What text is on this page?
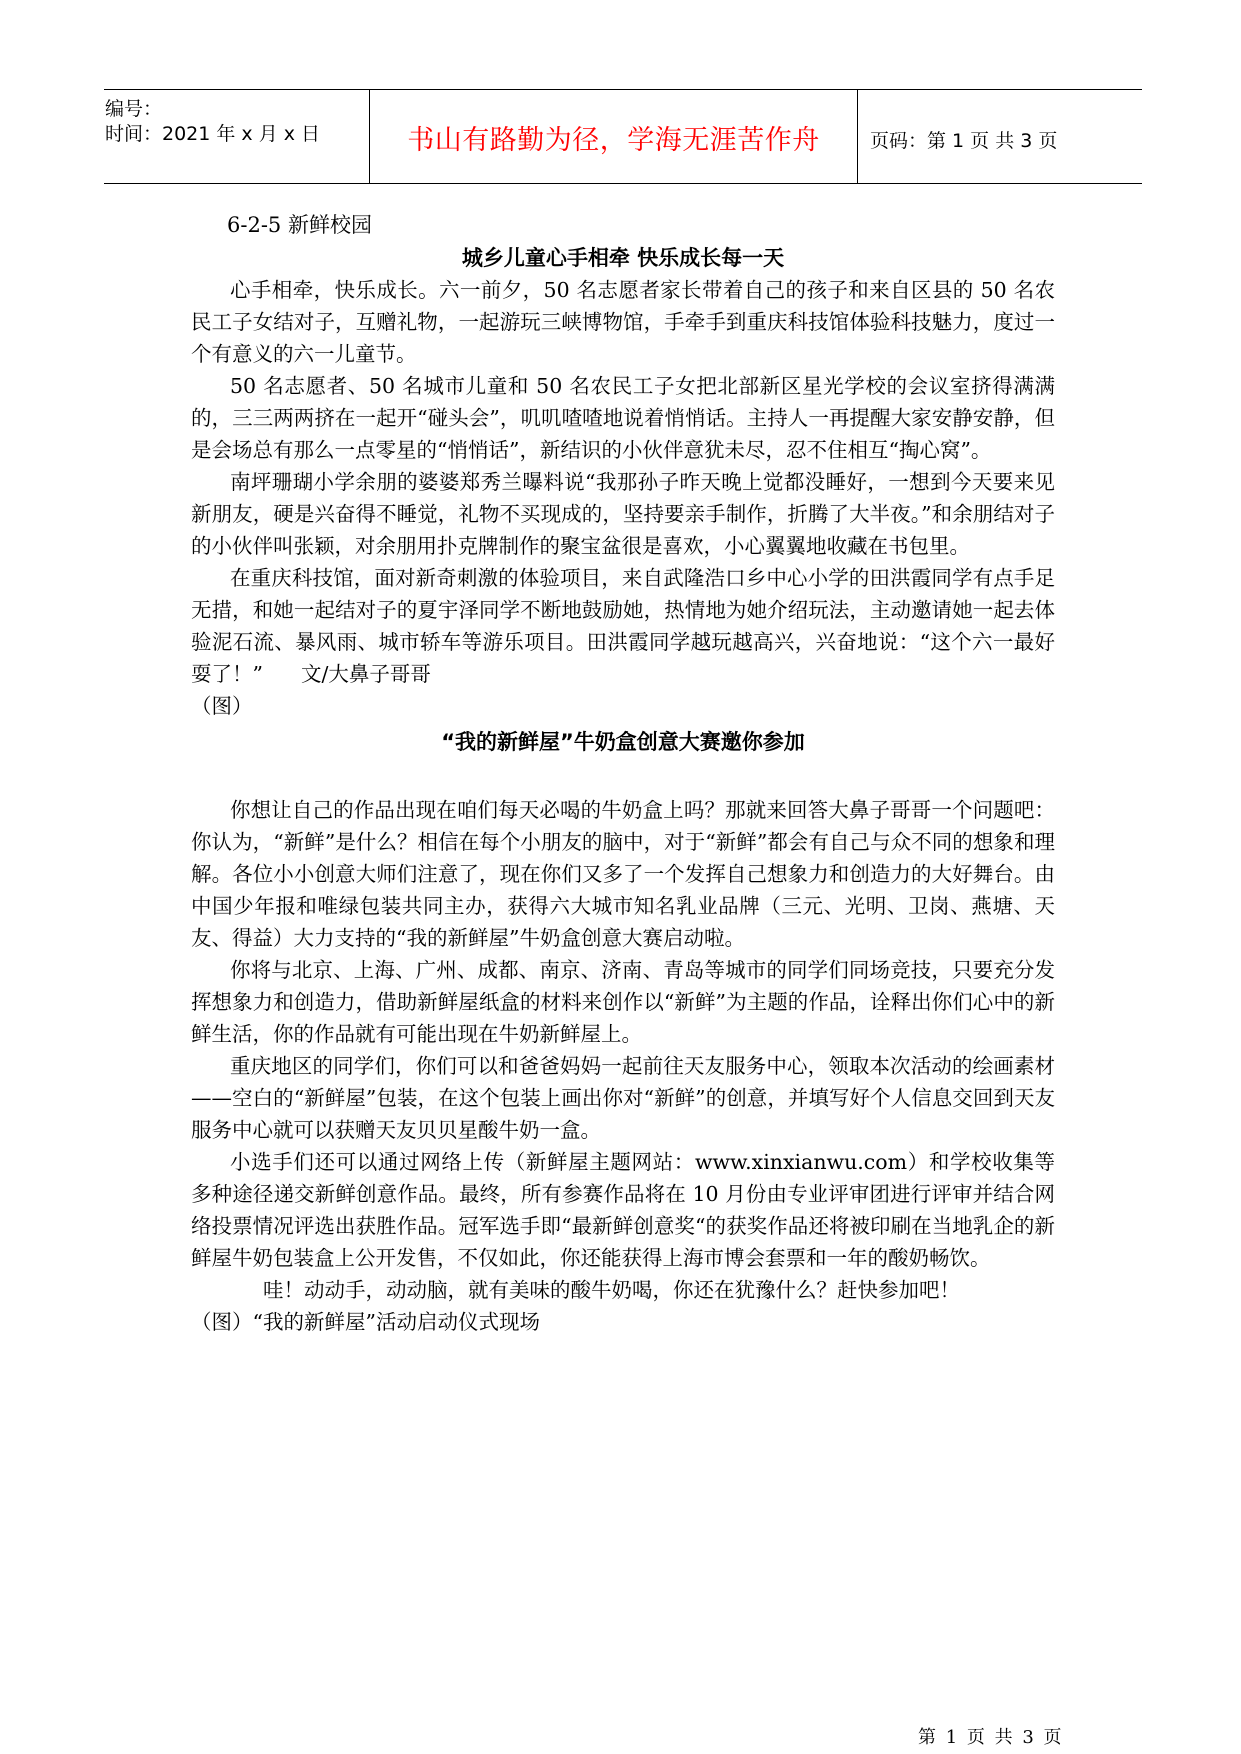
编号：
时间：2021 年 x 月 x 日	书山有路勤为径，学海无涯苦作舟	页码：第 1 页 共 3 页
6-2-5 新鲜校园
城乡儿童心手相牵 快乐成长每一天

心手相牵，快乐成长。六一前夕，50 名志愿者家长带着自己的孩子和来自区县的 50 名农民工子女结对子，互赠礼物，一起游玩三峡博物馆，手牵手到重庆科技馆体验科技魅力，度过一个有意义的六一儿童节。

50 名志愿者、50 名城市儿童和 50 名农民工子女把北部新区星光学校的会议室挤得满满的，三三两两挤在一起开“碰头会”，叽叽喳喳地说着悄悄话。主持人一再提醒大家安静安静，但是会场总有那么一点零星的“悄悄话”，新结识的小伙伴意犹未尽，忍不住相互“掏心窝”。

南坪珊瑚小学余朋的婆婆郑秀兰曝料说“我那孙子昨天晚上觉都没睡好，一想到今天要来见新朋友，硬是兴奋得不睡觉，礼物不买现成的，坚持要亲手制作，折腾了大半夜。”和余朋结对子的小伙伴叫张颖，对余朋用扑克牌制作的聚宝盆很是喜欢，小心翼翼地收藏在书包里。

在重庆科技馆，面对新奇刺激的体验项目，来自武隆浩口乡中心小学的田洪霞同学有点手足无措，和她一起结对子的夏宇泽同学不断地鼓励她，热情地为她介绍玩法，主动邀请她一起去体验泥石流、暴风雨、城市轿车等游乐项目。田洪霞同学越玩越高兴，兴奋地说：“这个六一最好耍了！” 文/大鼻子哥哥

（图）

“我的新鲜屋”牛奶盒创意大赛邀你参加

你想让自己的作品出现在咱们每天必喝的牛奶盒上吗？那就来回答大鼻子哥哥一个问题吧：你认为，“新鲜”是什么？相信在每个小朋友的脑中，对于“新鲜”都会有自己与众不同的想象和理解。各位小小创意大师们注意了，现在你们又多了一个发挥自己想象力和创造力的大好舞台。由中国少年报和唯绿包装共同主办，获得六大城市知名乳业品牌（三元、光明、卫岗、燕塘、天友、得益）大力支持的“我的新鲜屋”牛奶盒创意大赛启动啦。

你将与北京、上海、广州、成都、南京、济南、青岛等城市的同学们同场竞技，只要充分发挥想象力和创造力，借助新鲜屋纸盒的材料来创作以“新鲜”为主题的作品，诠释出你们心中的新鲜生活，你的作品就有可能出现在牛奶新鲜屋上。

重庆地区的同学们，你们可以和爸爸妈妈一起前往天友服务中心，领取本次活动的绘画素材——空白的“新鲜屋”包装，在这个包装上画出你对“新鲜”的创意，并填写好个人信息交回到天友服务中心就可以获赠天友贝贝星酸牛奶一盒。

小选手们还可以通过网络上传（新鲜屋主题网站：www.xinxianwu.com）和学校收集等多种途径递交新鲜创意作品。最终，所有参赛作品将在 10 月份由专业评审团进行评审并结合网络投票情况评选出获胜作品。冠军选手即“最新鲜创意奖“的获奖作品还将被印刷在当地乳企的新鲜屋牛奶包装盒上公开发售，不仅如此，你还能获得上海市博会套票和一年的酸奶畅饮。

哇！动动手，动动脑，就有美味的酸牛奶喝，你还在犹豫什么？赶快参加吧！

（图）“我的新鲜屋”活动启动仪式现场

第 1 页 共 3 页
